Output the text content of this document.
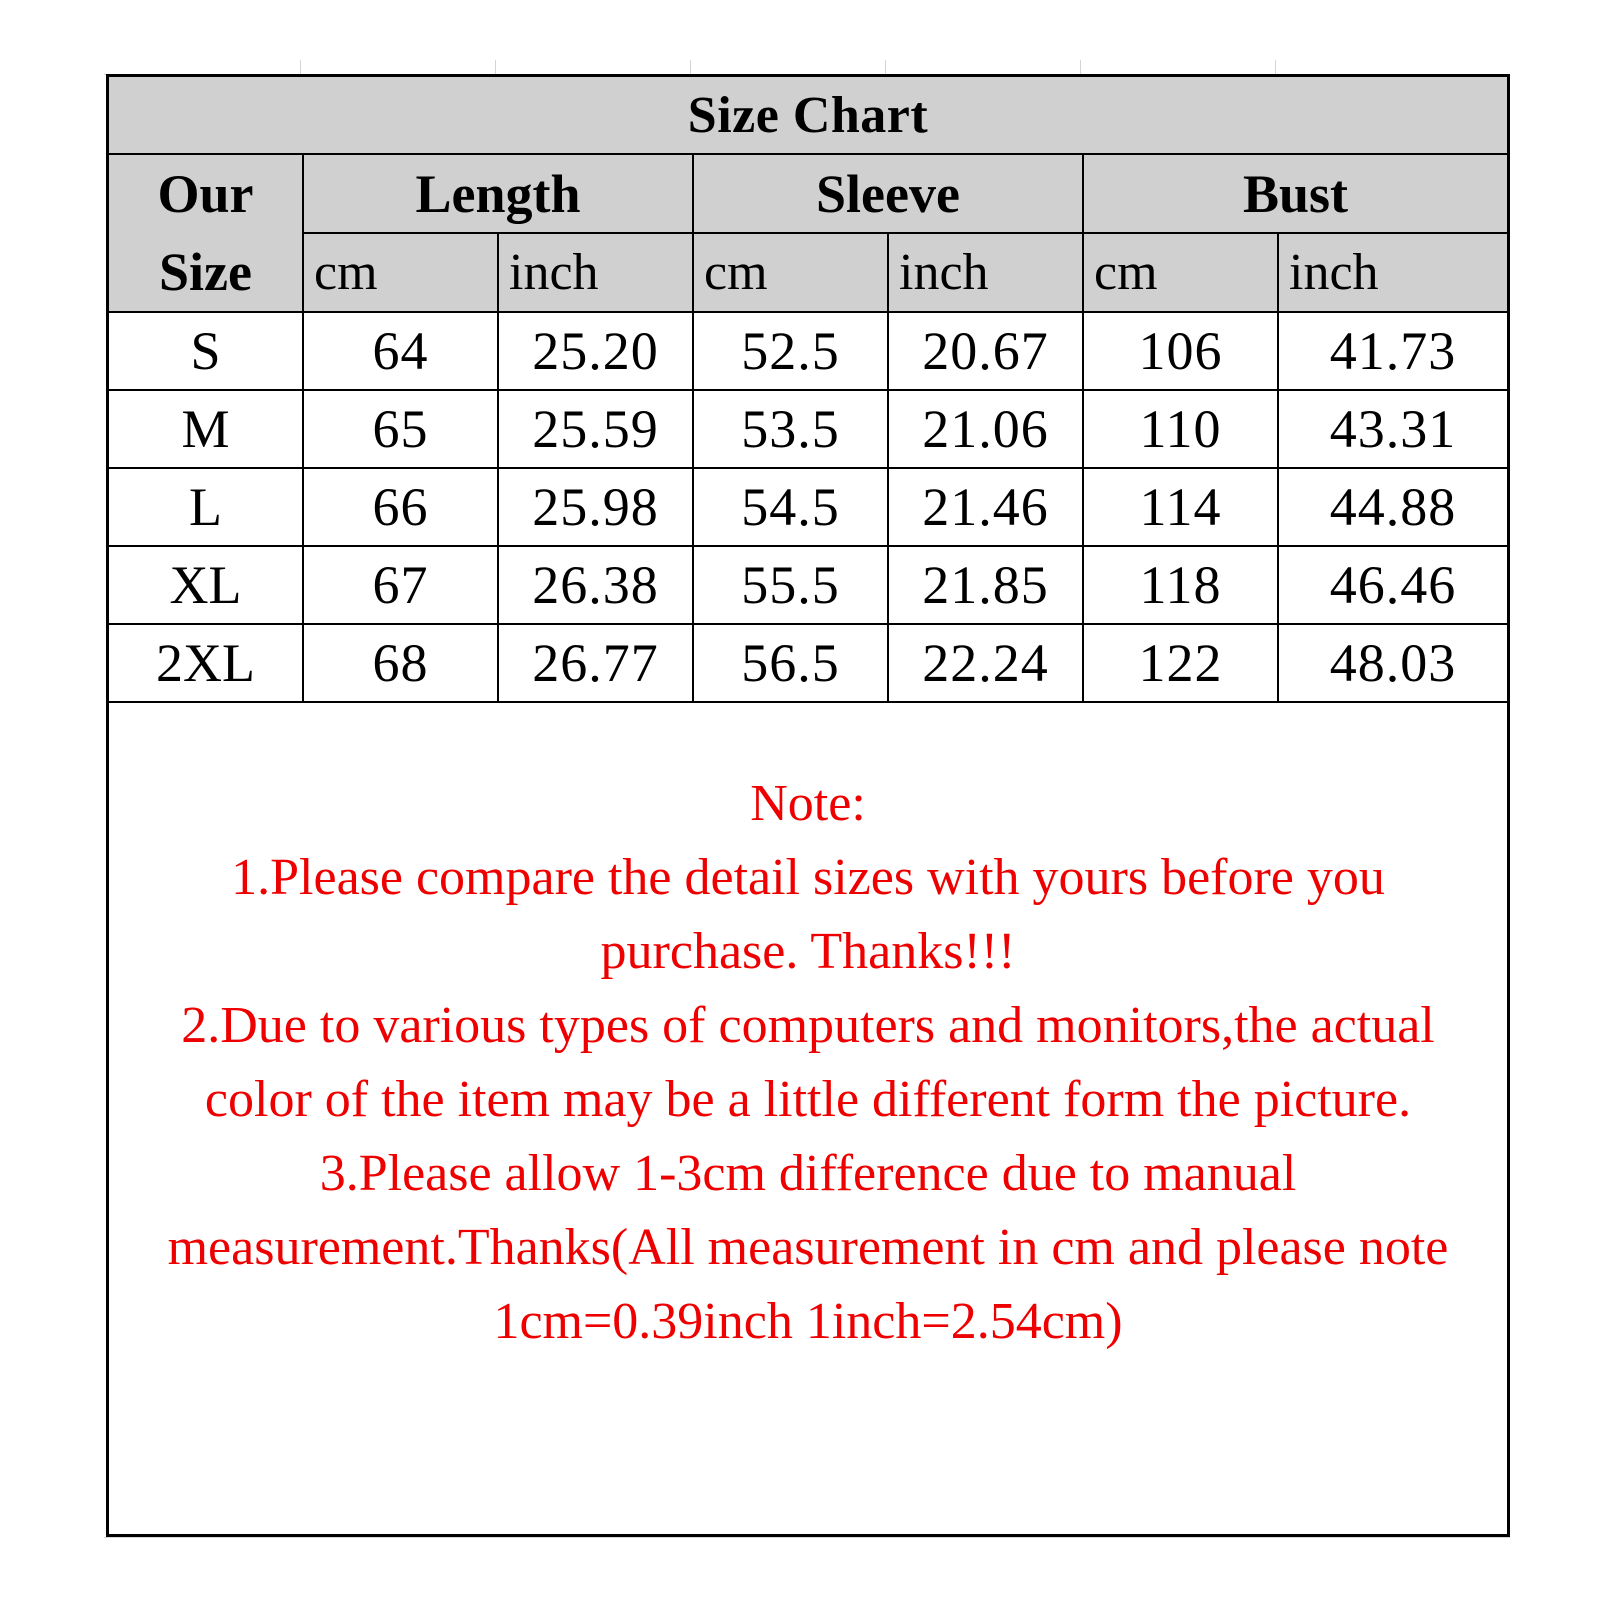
Size Chart						
Our
Size	Length		Sleeve		Bust	
	cm	inch	cm	inch	cm	inch
S	64	25.20	52.5	20.67	106	41.73
M	65	25.59	53.5	21.06	110	43.31
L	66	25.98	54.5	21.46	114	44.88
XL	67	26.38	55.5	21.85	118	46.46
2XL	68	26.77	56.5	22.24	122	48.03

Note:

1.Please compare the detail sizes with yours before you purchase. Thanks!!!

2.Due to various types of computers and monitors,the actual color of the item may be a little different form the picture.

3.Please allow 1-3cm difference due to manual measurement.Thanks(All measurement in cm and please note 1cm=0.39inch 1inch=2.54cm)
